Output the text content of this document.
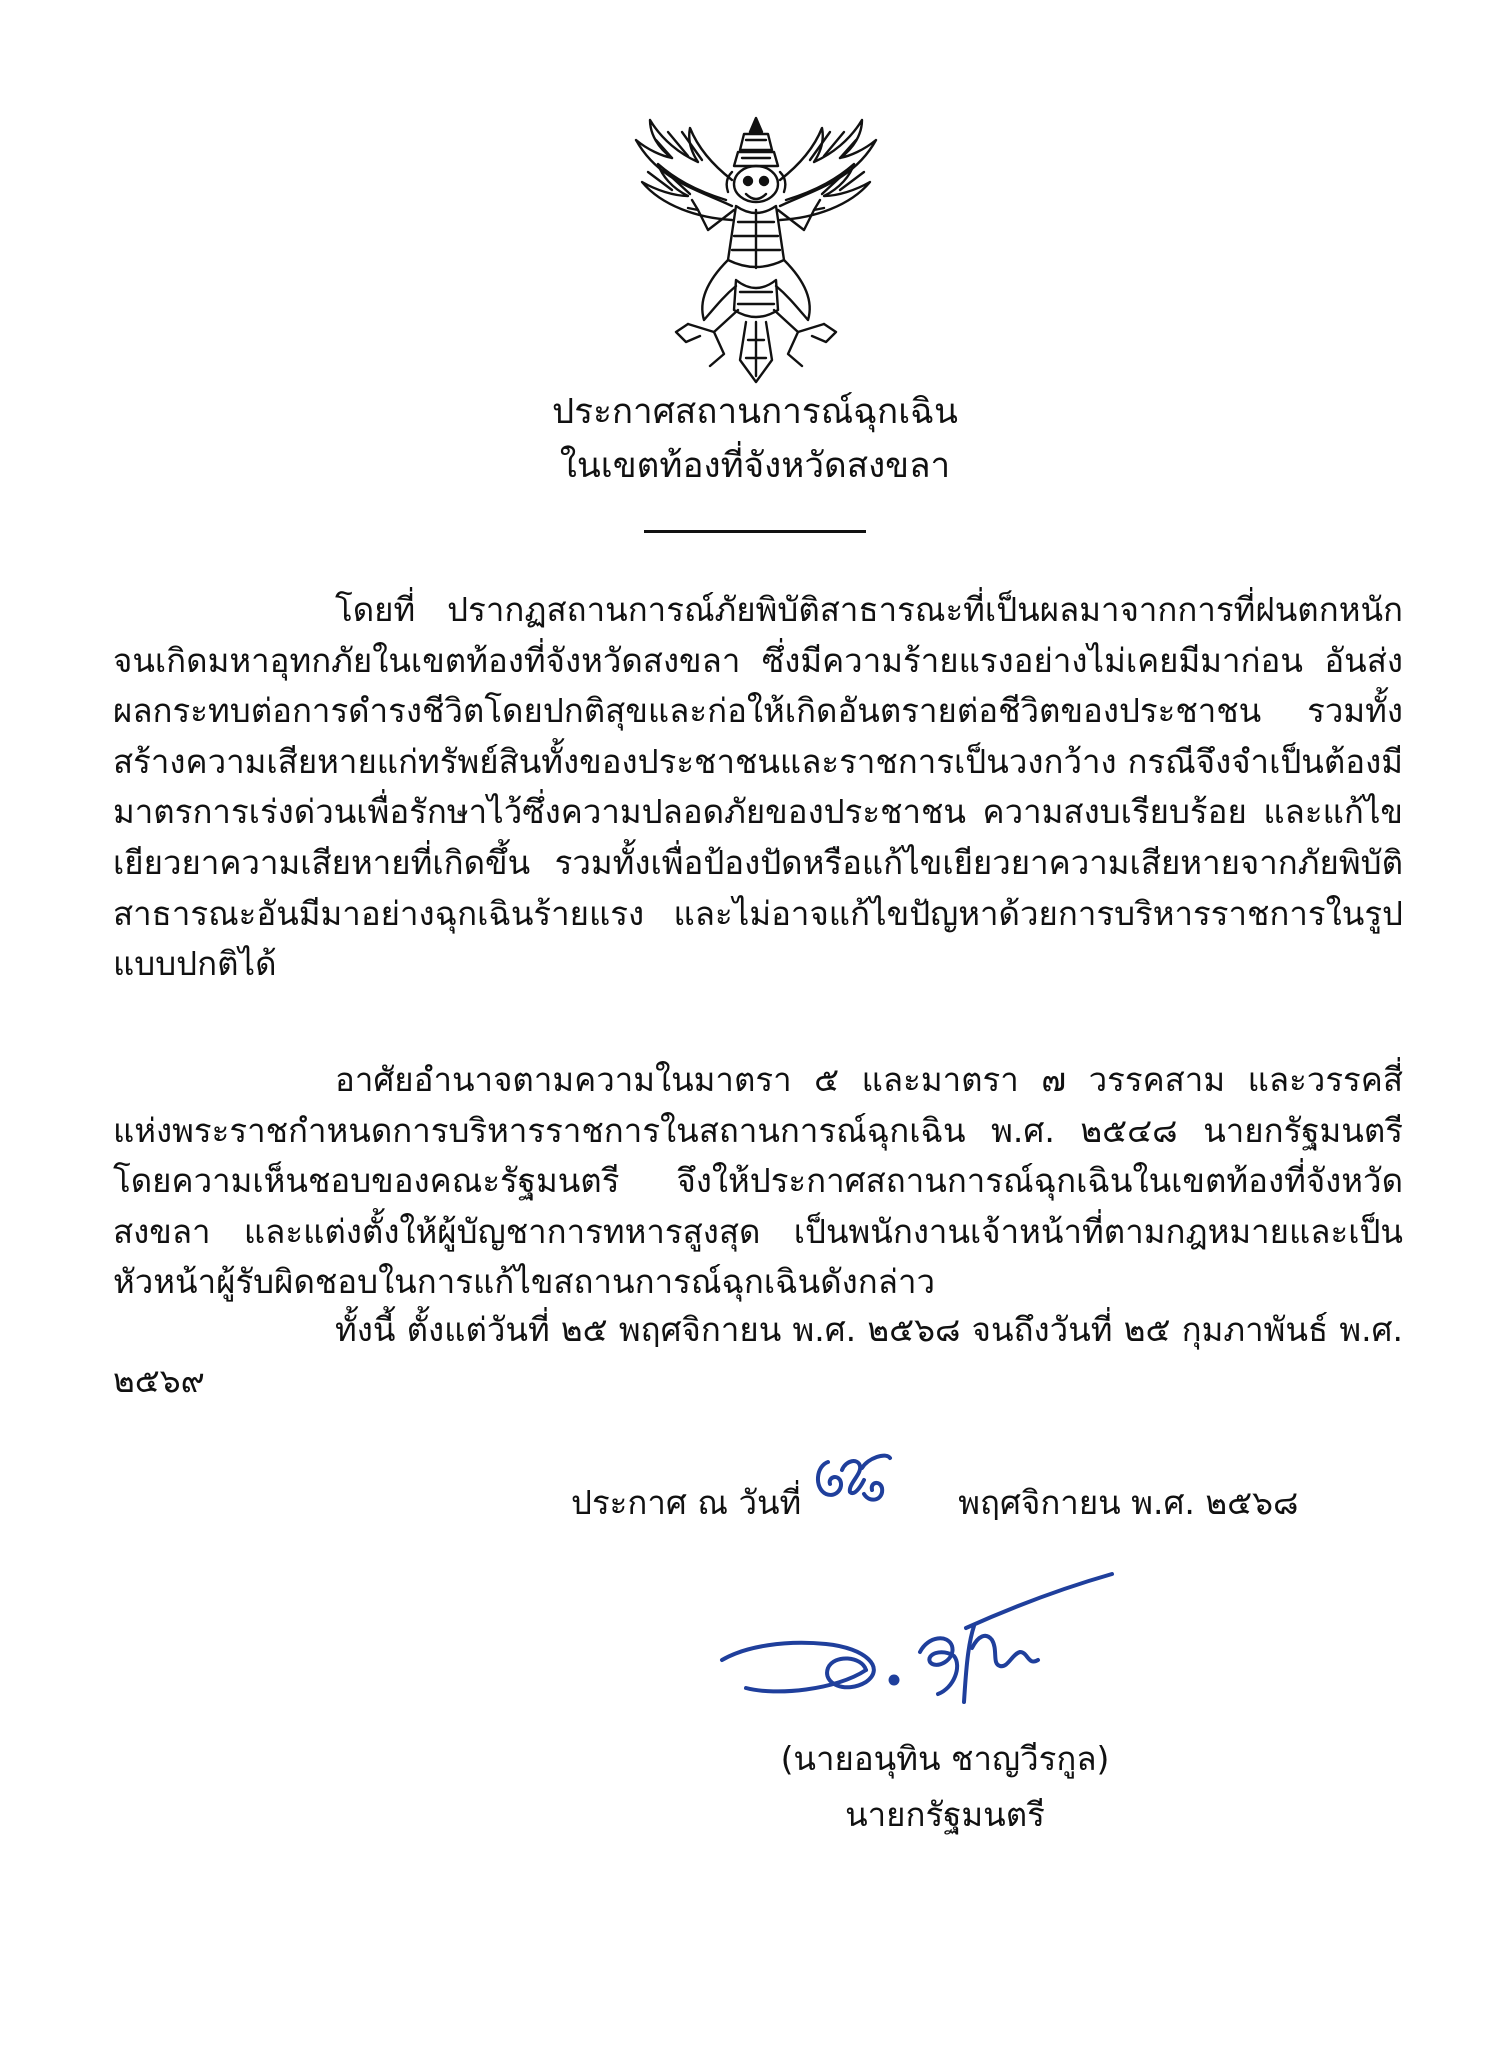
ประกาศสถานการณ์ฉุกเฉิน
ในเขตท้องที่จังหวัดสงขลา

โดยที่ ปรากฏสถานการณ์ภัยพิบัติสาธารณะที่เป็นผลมาจากการที่ฝนตกหนักจนเกิดมหาอุทกภัยในเขตท้องที่จังหวัดสงขลา ซึ่งมีความร้ายแรงอย่างไม่เคยมีมาก่อน อันส่งผลกระทบต่อการดำรงชีวิตโดยปกติสุขและก่อให้เกิดอันตรายต่อชีวิตของประชาชน รวมทั้งสร้างความเสียหายแก่ทรัพย์สินทั้งของประชาชนและราชการเป็นวงกว้าง กรณีจึงจำเป็นต้องมีมาตรการเร่งด่วนเพื่อรักษาไว้ซึ่งความปลอดภัยของประชาชน ความสงบเรียบร้อย และแก้ไขเยียวยาความเสียหายที่เกิดขึ้น รวมทั้งเพื่อป้องปัดหรือแก้ไขเยียวยาความเสียหายจากภัยพิบัติสาธารณะอันมีมาอย่างฉุกเฉินร้ายแรง และไม่อาจแก้ไขปัญหาด้วยการบริหารราชการในรูปแบบปกติได้

อาศัยอำนาจตามความในมาตรา ๕ และมาตรา ๗ วรรคสาม และวรรคสี่ แห่งพระราชกำหนดการบริหารราชการในสถานการณ์ฉุกเฉิน พ.ศ. ๒๕๔๘ นายกรัฐมนตรี โดยความเห็นชอบของคณะรัฐมนตรี จึงให้ประกาศสถานการณ์ฉุกเฉินในเขตท้องที่จังหวัดสงขลา และแต่งตั้งให้ผู้บัญชาการทหารสูงสุด เป็นพนักงานเจ้าหน้าที่ตามกฎหมายและเป็นหัวหน้าผู้รับผิดชอบในการแก้ไขสถานการณ์ฉุกเฉินดังกล่าว

ทั้งนี้ ตั้งแต่วันที่ ๒๕ พฤศจิกายน พ.ศ. ๒๕๖๘ จนถึงวันที่ ๒๕ กุมภาพันธ์ พ.ศ. ๒๕๖๙

ประกาศ ณ วันที่	พฤศจิกายน พ.ศ. ๒๕๖๘
(นายอนุทิน ชาญวีรกูล)
นายกรัฐมนตรี
